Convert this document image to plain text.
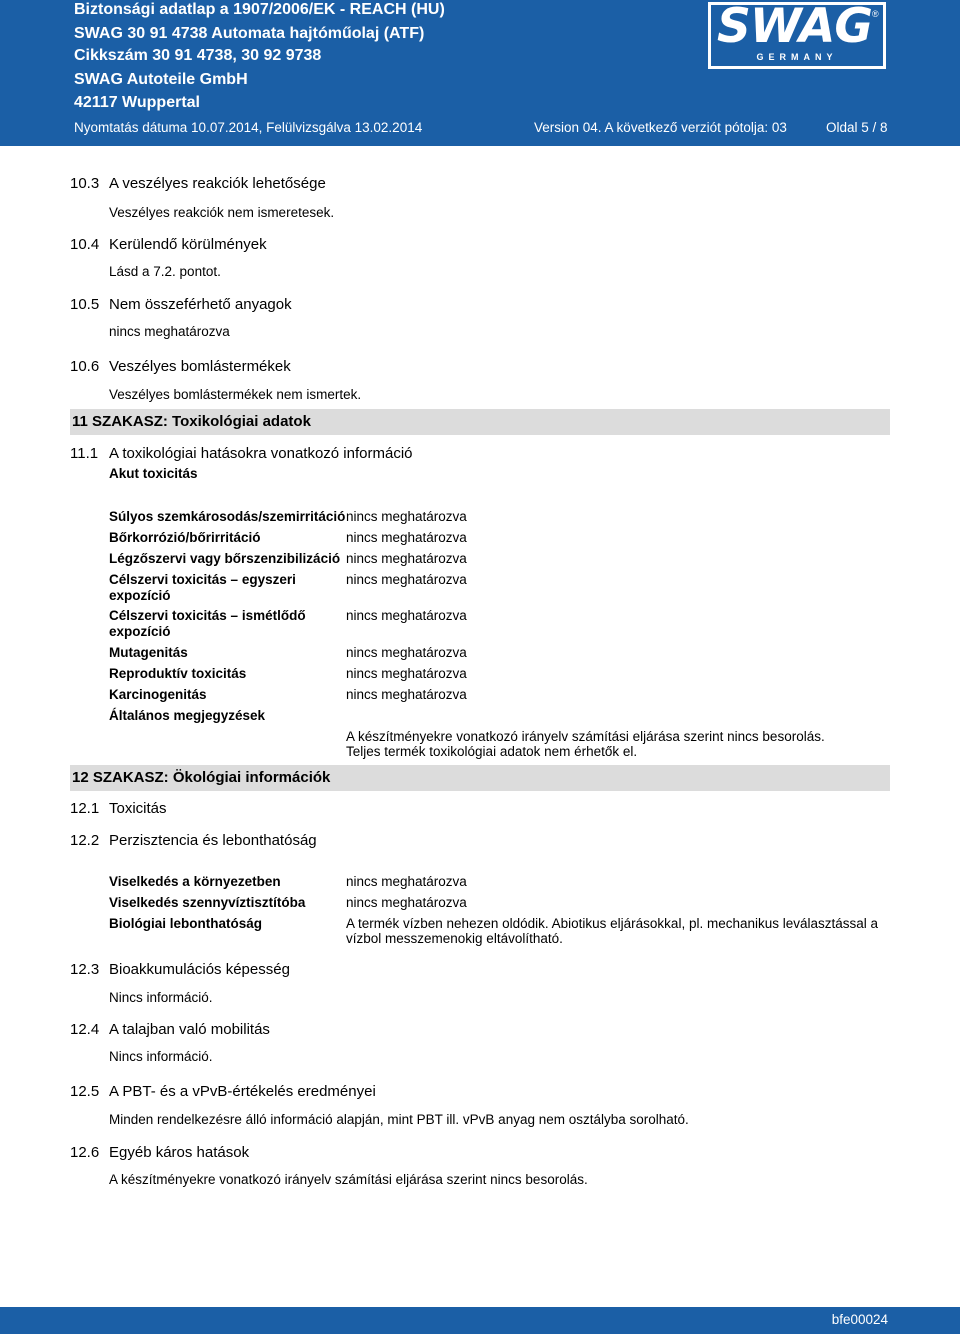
Biztonsági adatlap a 1907/2006/EK - REACH (HU)
SWAG 30 91 4738 Automata hajtóműolaj (ATF)
Cikkszám 30 91 4738, 30 92 9738
SWAG Autoteile GmbH
42117 Wuppertal
Nyomtatás dátuma 10.07.2014, Felülvizsgálva 13.02.2014	Version 04. A következő verziót pótolja: 03	Oldal 5 / 8
SWAG ®
GERMANY
10.3 A veszélyes reakciók lehetősége
Veszélyes reakciók nem ismeretesek.
10.4 Kerülendő körülmények
Lásd a 7.2. pontot.
10.5 Nem összeférhető anyagok
nincs meghatározva
10.6 Veszélyes bomlástermékek
Veszélyes bomlástermékek nem ismertek.
11 SZAKASZ: Toxikológiai adatok
11.1 A toxikológiai hatásokra vonatkozó információ
Akut toxicitás
Súlyos szemkárosodás/szemirritáció nincs meghatározva
Bőrkorrózió/bőrirritáció	nincs meghatározva
Légzőszervi vagy bőrszenzibilizáció nincs meghatározva
Célszervi toxicitás – egyszeri
expozíció
nincs meghatározva
Célszervi toxicitás – ismétlődő
expozíció
nincs meghatározva
Mutagenitás	nincs meghatározva
Reproduktív toxicitás	nincs meghatározva
Karcinogenitás	nincs meghatározva
Általános megjegyzések
A készítményekre vonatkozó irányelv számítási eljárása szerint nincs besorolás.
Teljes termék toxikológiai adatok nem érhetők el.
12 SZAKASZ: Ökológiai információk
12.1 Toxicitás
12.2 Perzisztencia és lebonthatóság
Viselkedés a környezetben	nincs meghatározva
Viselkedés szennyvíztisztítóba	nincs meghatározva
Biológiai lebonthatóság	A termék vízben nehezen oldódik. Abiotikus eljárásokkal, pl. mechanikus leválasztással a
vízbol messzemenokig eltávolítható.
12.3 Bioakkumulációs képesség
Nincs információ.
12.4 A talajban való mobilitás
Nincs információ.
12.5 A PBT- és a vPvB-értékelés eredményei
Minden rendelkezésre álló információ alapján, mint PBT ill. vPvB anyag nem osztályba sorolható.
12.6 Egyéb káros hatások
A készítményekre vonatkozó irányelv számítási eljárása szerint nincs besorolás.
bfe00024
